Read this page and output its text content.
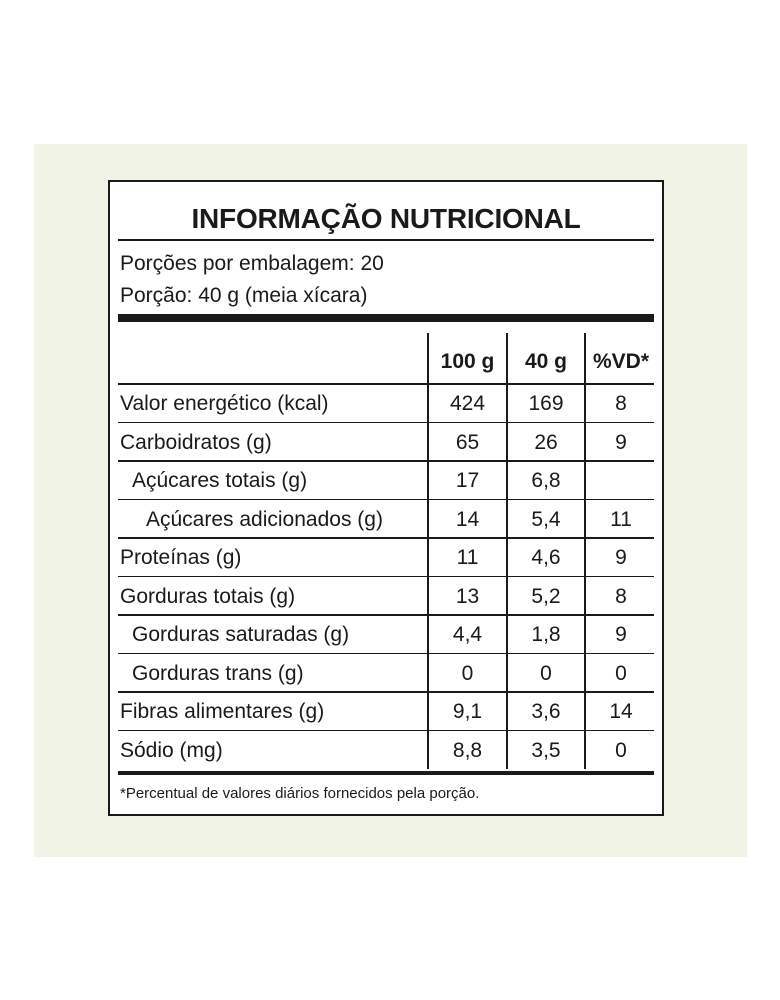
INFORMAÇÃO NUTRICIONAL
Porções por embalagem: 20
Porção: 40 g (meia xícara)
100 g	40 g	%VD*
Valor energético (kcal)	424	169	8
Carboidratos (g)	65	26	9
Açúcares totais (g)	17	6,8
Açúcares adicionados (g)	14	5,4	11
Proteínas (g)	11	4,6	9
Gorduras totais (g)	13	5,2	8
Gorduras saturadas (g)	4,4	1,8	9
Gorduras trans (g)	0	0	0
Fibras alimentares (g)	9,1	3,6	14
Sódio (mg)	8,8	3,5	0
*Percentual de valores diários fornecidos pela porção.
